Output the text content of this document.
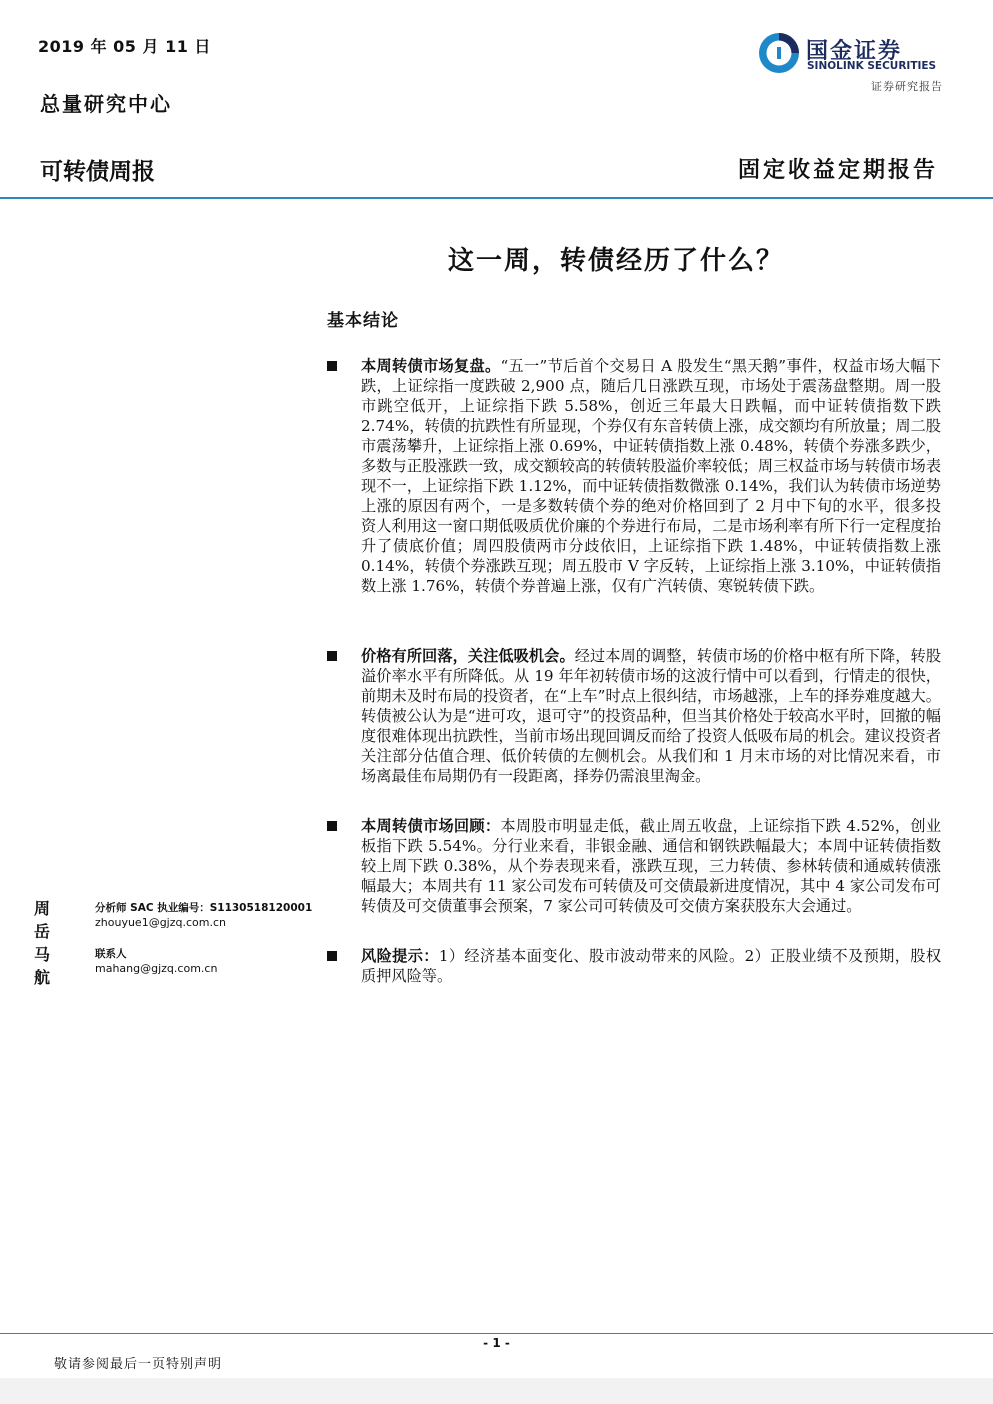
2019 年 05 月 11 日
总量研究中心
可转债周报
国金证券
SINOLINK SECURITIES
证券研究报告
固定收益定期报告
这一周，转债经历了什么？
基本结论
本周转债市场复盘。“五一”节后首个交易日 A 股发生“黑天鹅”事件，权益市场大幅下跌，上证综指一度跌破 2,900 点，随后几日涨跌互现，市场处于震荡盘整期。周一股市跳空低开，上证综指下跌 5.58%，创近三年最大日跌幅，而中证转债指数下跌 2.74%，转债的抗跌性有所显现，个券仅有东音转债上涨，成交额均有所放量；周二股市震荡攀升，上证综指上涨 0.69%，中证转债指数上涨 0.48%，转债个券涨多跌少，多数与正股涨跌一致，成交额较高的转债转股溢价率较低；周三权益市场与转债市场表现不一，上证综指下跌 1.12%，而中证转债指数微涨 0.14%，我们认为转债市场逆势上涨的原因有两个，一是多数转债个券的绝对价格回到了 2 月中下旬的水平，很多投资人利用这一窗口期低吸质优价廉的个券进行布局，二是市场利率有所下行一定程度抬升了债底价值；周四股债两市分歧依旧，上证综指下跌 1.48%，中证转债指数上涨 0.14%，转债个券涨跌互现；周五股市 V 字反转，上证综指上涨 3.10%，中证转债指数上涨 1.76%，转债个券普遍上涨，仅有广汽转债、寒锐转债下跌。
价格有所回落，关注低吸机会。经过本周的调整，转债市场的价格中枢有所下降，转股溢价率水平有所降低。从 19 年年初转债市场的这波行情中可以看到，行情走的很快，前期未及时布局的投资者，在“上车”时点上很纠结，市场越涨，上车的择券难度越大。转债被公认为是“进可攻，退可守”的投资品种，但当其价格处于较高水平时，回撤的幅度很难体现出抗跌性，当前市场出现回调反而给了投资人低吸布局的机会。建议投资者关注部分估值合理、低价转债的左侧机会。从我们和 1 月末市场的对比情况来看，市场离最佳布局期仍有一段距离，择券仍需浪里淘金。
本周转债市场回顾：本周股市明显走低，截止周五收盘，上证综指下跌 4.52%，创业板指下跌 5.54%。分行业来看，非银金融、通信和钢铁跌幅最大；本周中证转债指数较上周下跌 0.38%，从个券表现来看，涨跌互现，三力转债、参林转债和通威转债涨幅最大；本周共有 11 家公司发布可转债及可交债最新进度情况，其中 4 家公司发布可转债及可交债董事会预案，7 家公司可转债及可交债方案获股东大会通过。
风险提示：1）经济基本面变化、股市波动带来的风险。2）正股业绩不及预期，股权质押风险等。
周岳
分析师 SAC 执业编号：S1130518120001
zhouyue1@gjzq.com.cn
马航
联系人
mahang@gjzq.com.cn
- 1 -
敬请参阅最后一页特别声明
